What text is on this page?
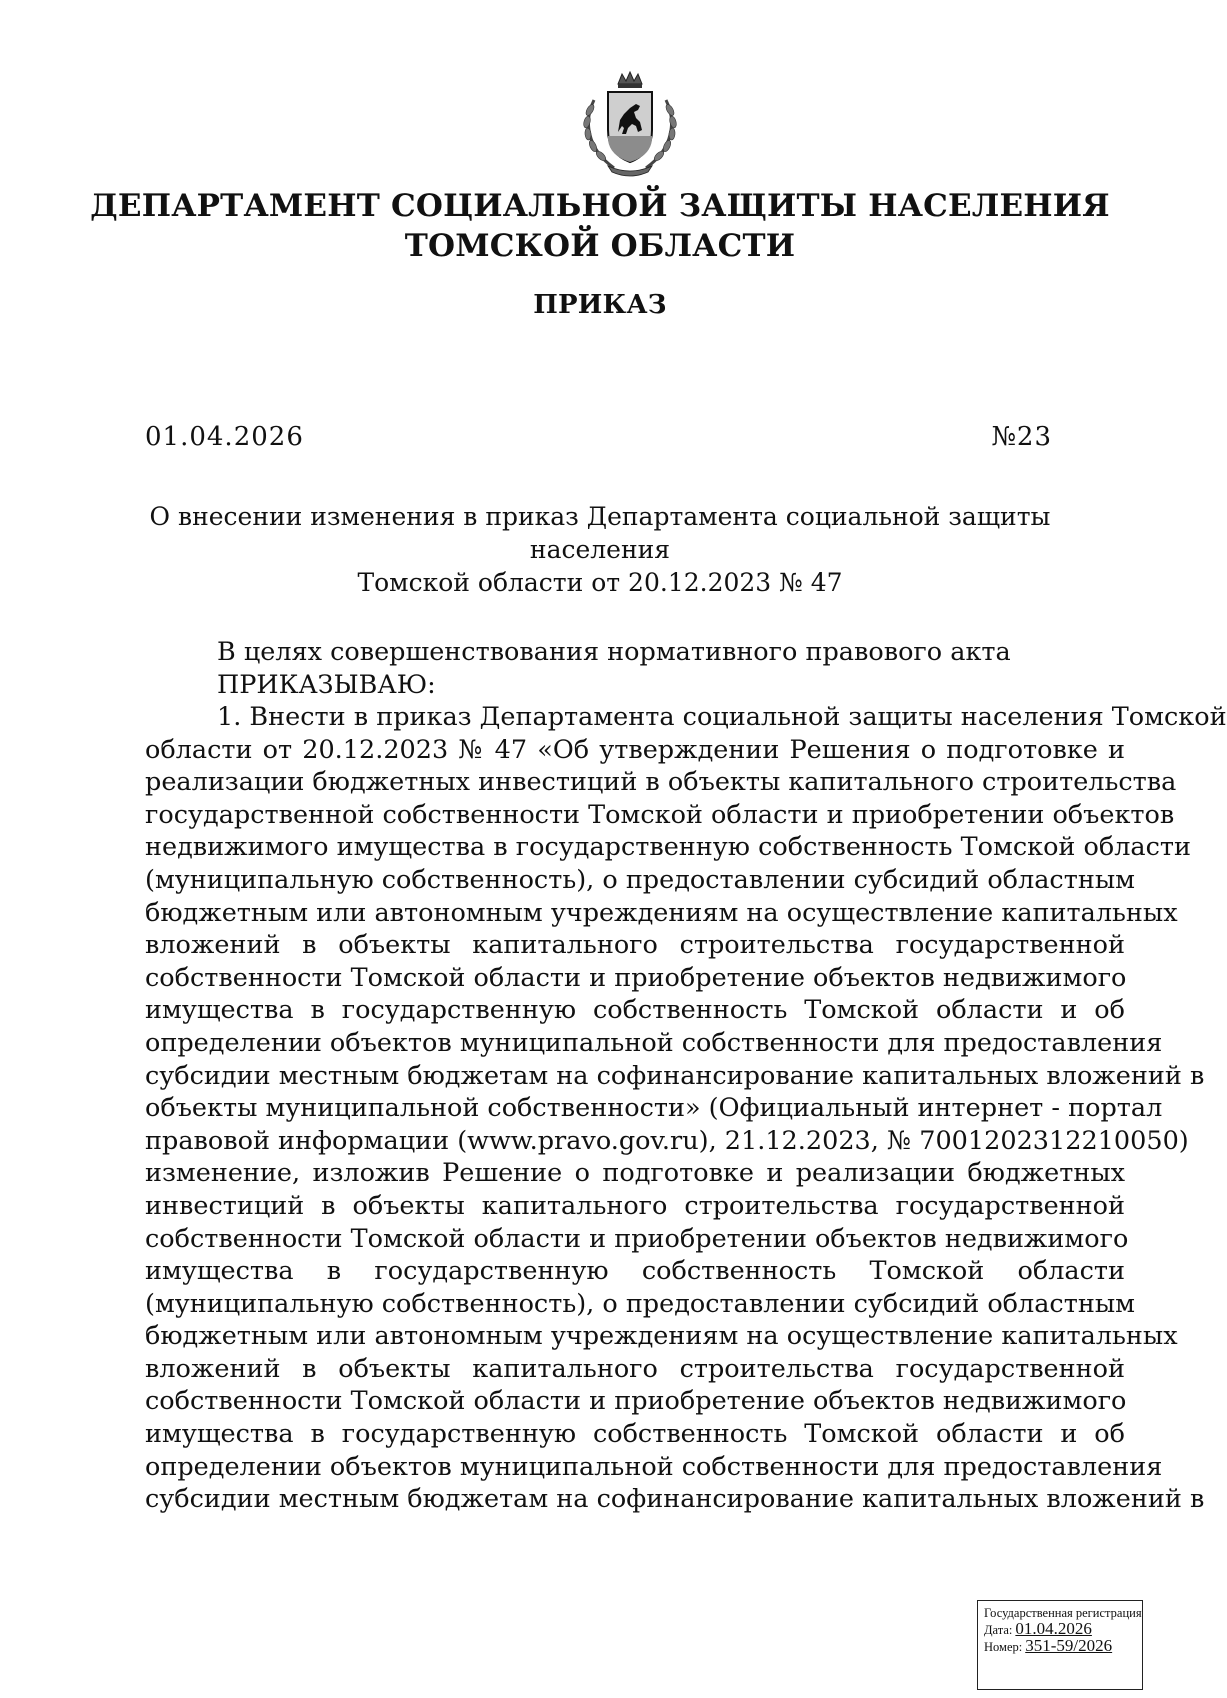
ДЕПАРТАМЕНТ СОЦИАЛЬНОЙ ЗАЩИТЫ НАСЕЛЕНИЯ
ТОМСКОЙ ОБЛАСТИ
ПРИКАЗ
01.04.2026	№23
О внесении изменения в приказ Департамента социальной защиты населения
Томской области от 20.12.2023 № 47
В целях совершенствования нормативного правового акта
ПРИКАЗЫВАЮ:
1. Внести в приказ Департамента социальной защиты населения Томской
области от 20.12.2023 № 47 «Об утверждении Решения о подготовке и
реализации бюджетных инвестиций в объекты капитального строительства
государственной собственности Томской области и приобретении объектов
недвижимого имущества в государственную собственность Томской области
(муниципальную собственность), о предоставлении субсидий областным
бюджетным или автономным учреждениям на осуществление капитальных
вложений в объекты капитального строительства государственной
собственности Томской области и приобретение объектов недвижимого
имущества в государственную собственность Томской области и об
определении объектов муниципальной собственности для предоставления
субсидии местным бюджетам на софинансирование капитальных вложений в
объекты муниципальной собственности» (Официальный интернет - портал
правовой информации (www.pravo.gov.ru), 21.12.2023, № 7001202312210050)
изменение, изложив Решение о подготовке и реализации бюджетных
инвестиций в объекты капитального строительства государственной
собственности Томской области и приобретении объектов недвижимого
имущества в государственную собственность Томской области
(муниципальную собственность), о предоставлении субсидий областным
бюджетным или автономным учреждениям на осуществление капитальных
вложений в объекты капитального строительства государственной
собственности Томской области и приобретение объектов недвижимого
имущества в государственную собственность Томской области и об
определении объектов муниципальной собственности для предоставления
субсидии местным бюджетам на софинансирование капитальных вложений в
Государственная регистрация
Дата: 01.04.2026
Номер: 351-59/2026
